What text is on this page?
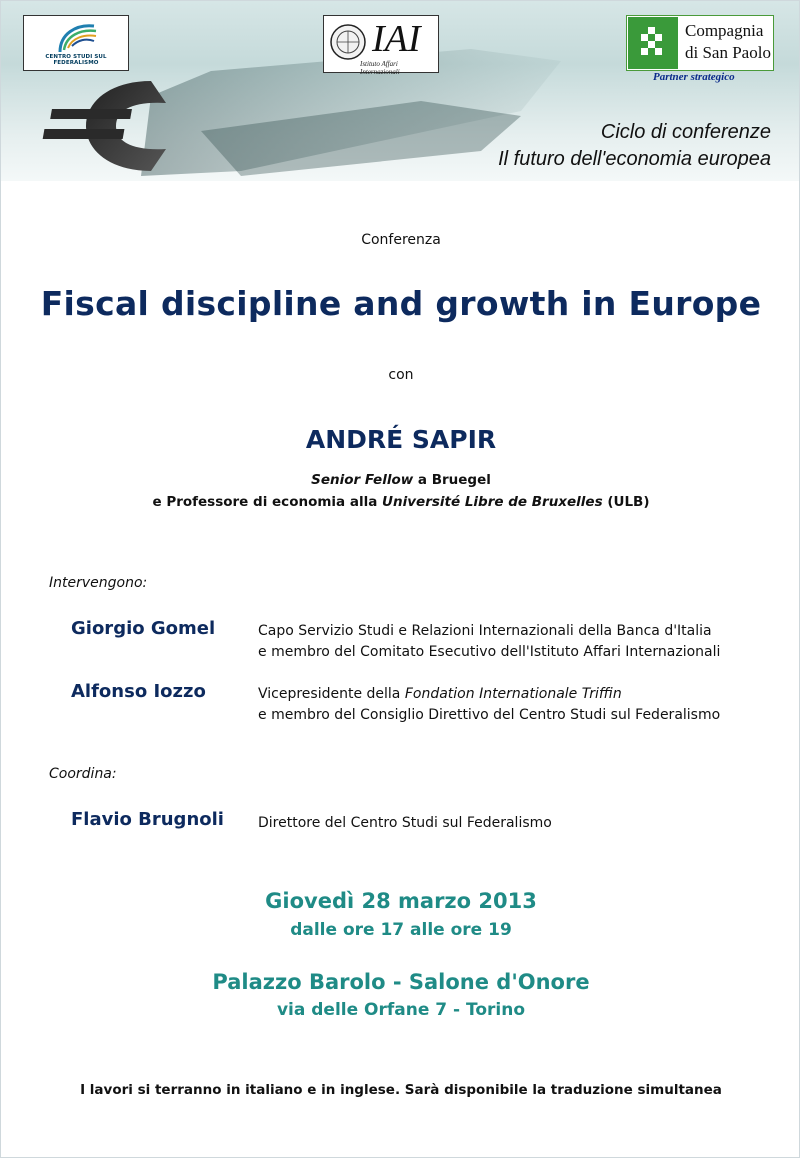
CENTRO STUDI SUL FEDERALISMO
IAI
Istituto Affari Internazionali
Compagnia
di San Paolo
Partner strategico
Ciclo di conferenze
Il futuro dell'economia europea
Conferenza
Fiscal discipline and growth in Europe
con
ANDRÉ SAPIR
Senior Fellow a Bruegel
e Professore di economia alla Université Libre de Bruxelles (ULB)
Intervengono:
Giorgio Gomel	Capo Servizio Studi e Relazioni Internazionali della Banca d'Italia
e membro del Comitato Esecutivo dell'Istituto Affari Internazionali
Alfonso Iozzo	Vicepresidente della Fondation Internationale Triffin
e membro del Consiglio Direttivo del Centro Studi sul Federalismo
Coordina:
Flavio Brugnoli Direttore del Centro Studi sul Federalismo
Giovedì 28 marzo 2013
dalle ore 17 alle ore 19
Palazzo Barolo - Salone d'Onore
via delle Orfane 7 - Torino
I lavori si terranno in italiano e in inglese. Sarà disponibile la traduzione simultanea
